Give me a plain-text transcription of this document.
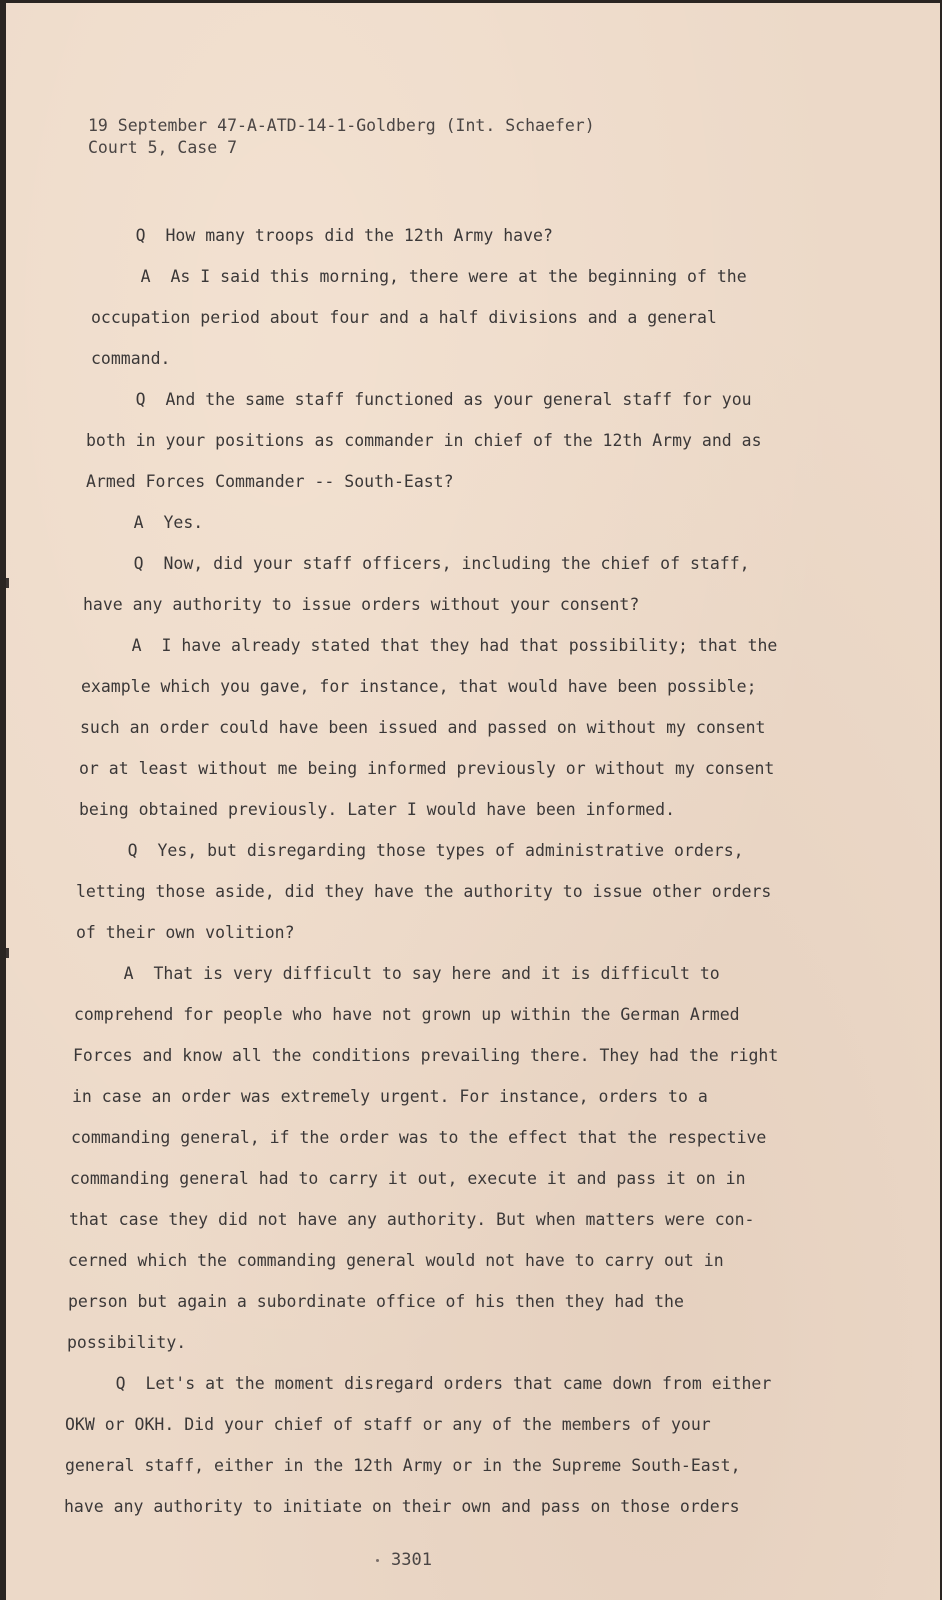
19 September 47-A-ATD-14-1-Goldberg (Int. Schaefer)
Court 5, Case 7
Q  How many troops did the 12th Army have?
A  As I said this morning, there were at the beginning of the
occupation period about four and a half divisions and a general
command.
Q  And the same staff functioned as your general staff for you
both in your positions as commander in chief of the 12th Army and as
Armed Forces Commander -- South-East?
A  Yes.
Q  Now, did your staff officers, including the chief of staff,
have any authority to issue orders without your consent?
A  I have already stated that they had that possibility; that the
example which you gave, for instance, that would have been possible;
such an order could have been issued and passed on without my consent
or at least without me being informed previously or without my consent
being obtained previously. Later I would have been informed.
Q  Yes, but disregarding those types of administrative orders,
letting those aside, did they have the authority to issue other orders
of their own volition?
A  That is very difficult to say here and it is difficult to
comprehend for people who have not grown up within the German Armed
Forces and know all the conditions prevailing there. They had the right
in case an order was extremely urgent. For instance, orders to a
commanding general, if the order was to the effect that the respective
commanding general had to carry it out, execute it and pass it on in
that case they did not have any authority. But when matters were con-
cerned which the commanding general would not have to carry out in
person but again a subordinate office of his then they had the
possibility.
Q  Let's at the moment disregard orders that came down from either
OKW or OKH. Did your chief of staff or any of the members of your
general staff, either in the 12th Army or in the Supreme South-East,
have any authority to initiate on their own and pass on those orders
3301
